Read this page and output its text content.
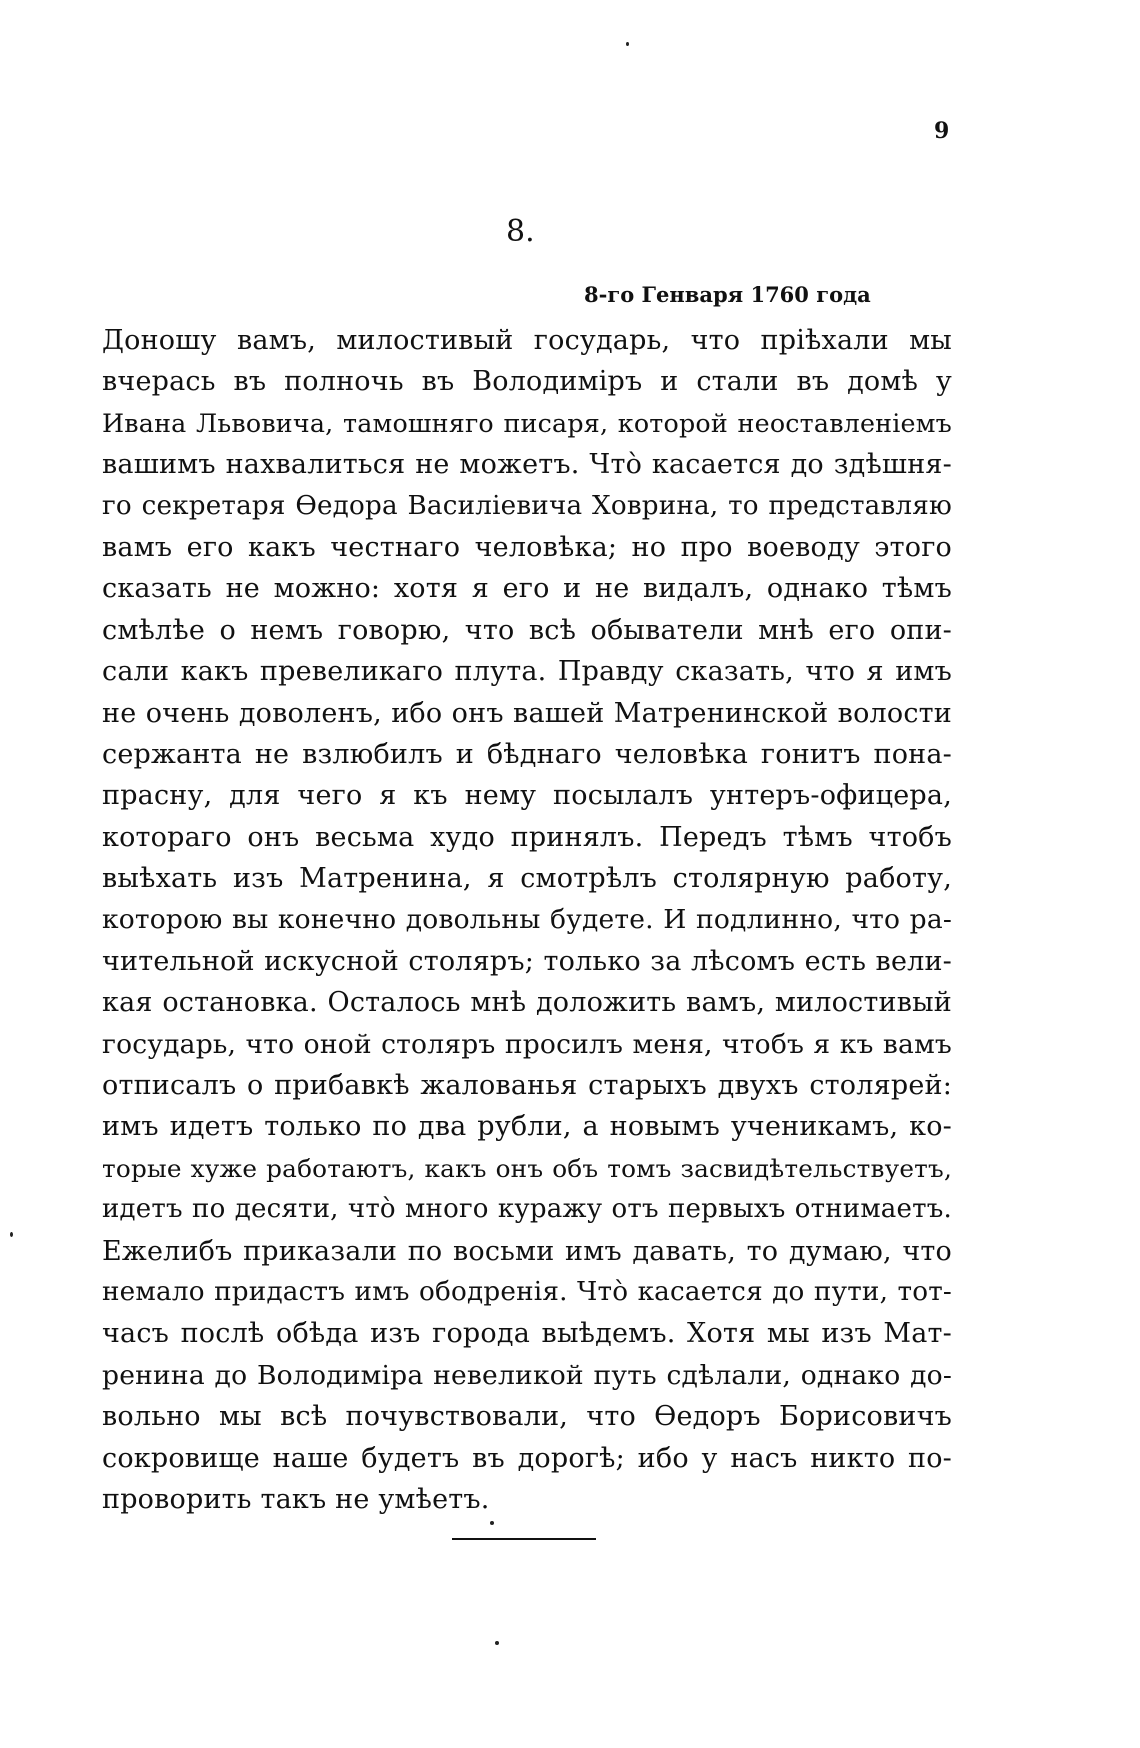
9
8.
8-го Генваря 1760 года
Доношу вамъ, милостивый государь, что пріѣхали мы
вчерась въ полночь въ Володиміръ и стали въ домѣ у
Ивана Львовича, тамошняго писаря, которой неоставленіемъ
вашимъ нахвалиться не можетъ. Чтò касается до здѣшня-
го секретаря Ѳедора Василіевича Ховрина, то представляю
вамъ его какъ честнаго человѣка; но про воеводу этого
сказать не можно: хотя я его и не видалъ, однако тѣмъ
смѣлѣе о немъ говорю, что всѣ обыватели мнѣ его опи-
сали какъ превеликаго плута. Правду сказать, что я имъ
не очень доволенъ, ибо онъ вашей Матренинской волости
сержанта не взлюбилъ и бѣднаго человѣка гонитъ пона-
прасну, для чего я къ нему посылалъ унтеръ-офицера,
котораго онъ весьма худо принялъ. Передъ тѣмъ чтобъ
выѣхать изъ Матренина, я смотрѣлъ столярную работу,
которою вы конечно довольны будете. И подлинно, что ра-
чительной искусной столяръ; только за лѣсомъ есть вели-
кая остановка. Осталось мнѣ доложить вамъ, милостивый
государь, что оной столяръ просилъ меня, чтобъ я къ вамъ
отписалъ о прибавкѣ жалованья старыхъ двухъ столярей:
имъ идетъ только по два рубли, а новымъ ученикамъ, ко-
торые хуже работаютъ, какъ онъ объ томъ засвидѣтельствуетъ,
идетъ по десяти, чтò много куражу отъ первыхъ отнимаетъ.
Ежелибъ приказали по восьми имъ давать, то думаю, что
немало придастъ имъ ободренія. Чтò касается до пути, тот-
часъ послѣ обѣда изъ города выѣдемъ. Хотя мы изъ Мат-
ренина до Володиміра невеликой путь сдѣлали, однако до-
вольно мы всѣ почувствовали, что Ѳедоръ Борисовичъ
сокровище наше будетъ въ дорогѣ; ибо у насъ никто по-
проворить такъ не умѣетъ.
